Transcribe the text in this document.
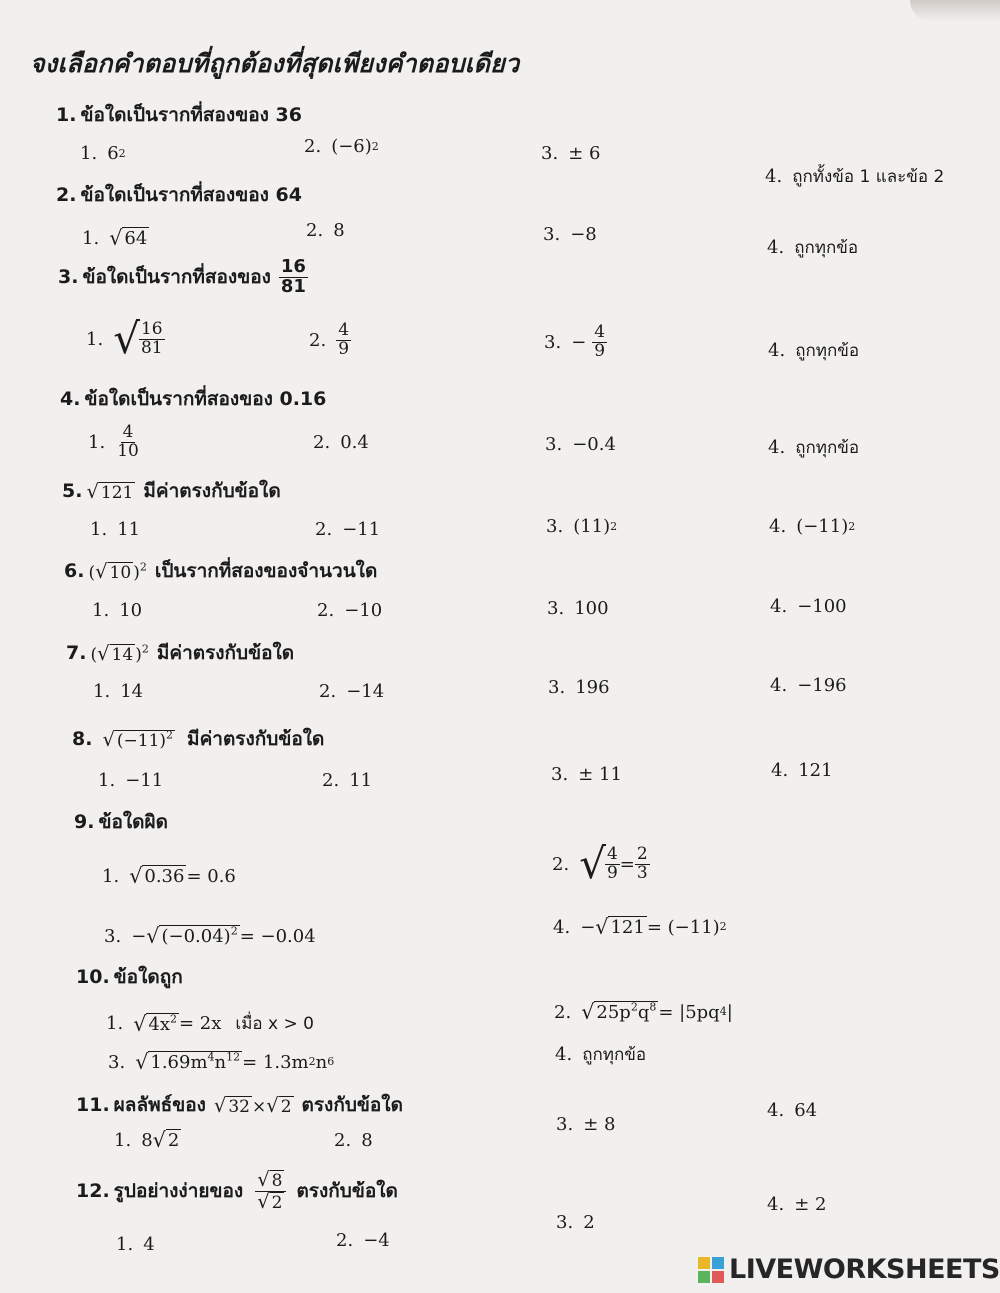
จงเลือกคำตอบที่ถูกต้องที่สุดเพียงคำตอบเดียว

1. ข้อใดเป็นรากที่สองของ 36

1. 6 2	2. (−6) 2	3. ± 6
4. ถูกทั้งข้อ 1 และข้อ 2

2. ข้อใดเป็นรากที่สองของ 64

1. √ 64	2. 8	3. −8
4. ถูกทุกข้อ
3. ข้อใดเป็นรากที่สองของ $\frac{16}{81}$
1. √ $\frac{16}{81}$	2. $\frac{4}{9}$	3. − $\frac{4}{9}$	4. ถูกทุกข้อ

4. ข้อใดเป็นรากที่สองของ 0.16

1. $\frac{4}{10}$	2. 0.4	3. −0.4	4. ถูกทุกข้อ
5. √ 121 มีค่าตรงกับข้อใด
1. 11	2. −11	3. (11) 2	4. (−11) 2
6. (√ 10 )$^2$ เป็นรากที่สองของจำนวนใด
1. 10	2. −10	3. 100	4. −100
7. (√ 14 )$^2$ มีค่าตรงกับข้อใด
1. 14	2. −14	3. 196	4. −196
8. √ $(-11)^2$ มีค่าตรงกับข้อใด
1. −11	2. 11	3. ± 11	4. 121

9. ข้อใดผิด

1. √ 0.36 = 0.6
2. √ $\frac{4}{9} = \frac{2}{3}$
3. − √ $(-0.04)^2 = -0.04$	4. − √ 121 = (−11) 2

10. ข้อใดถูก

1. √ $4x^2 = 2x$ เมื่อ x > 0
2. √ $25p^2q^8 = |5pq$ 4 |
3. √ $1.69m^4n^{12} = 1.3m$ 2 n 6	4. ถูกทุกข้อ
11. ผลลัพธ์ของ √ 32 ×√ 2 ตรงกับข้อใด
1. 8 √ 2	2. 8
3. ± 8
4. 64
12. รูปอย่างง่ายของ $\frac{√ 8}{√ 2}$ ตรงกับข้อใด
1. 4	2. −4
3. 2
4. ± 2
LIVEWORKSHEETS
